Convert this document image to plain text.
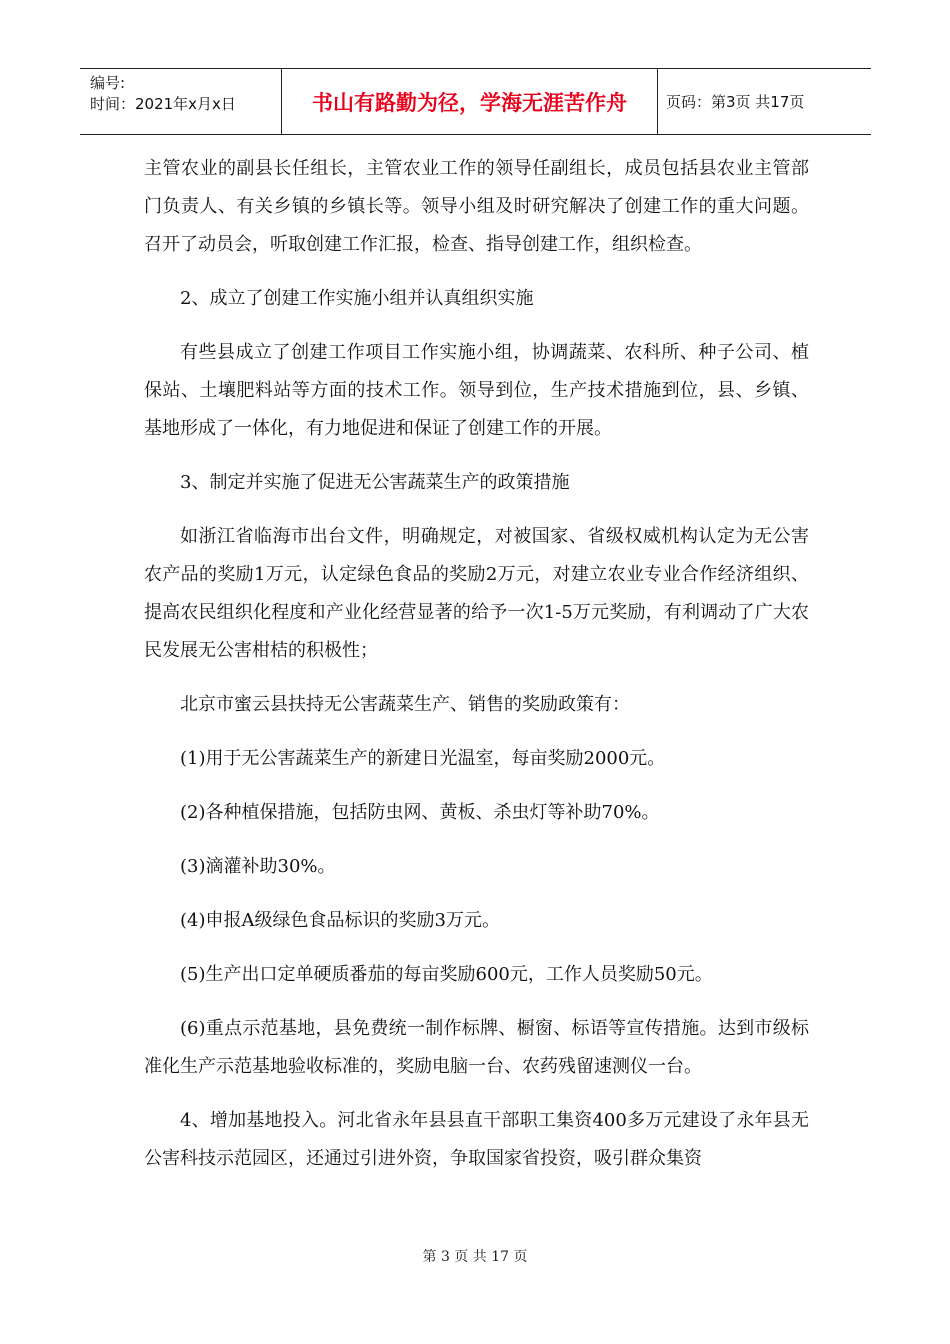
编号:
时间：2021年x月x日	书山有路勤为径，学海无涯苦作舟	页码：第3页 共17页

主管农业的副县长任组长，主管农业工作的领导任副组长，成员包括县农业主管部门负责人、有关乡镇的乡镇长等。领导小组及时研究解决了创建工作的重大问题。召开了动员会，听取创建工作汇报，检查、指导创建工作，组织检查。

2、成立了创建工作实施小组并认真组织实施

有些县成立了创建工作项目工作实施小组，协调蔬菜、农科所、种子公司、植保站、土壤肥料站等方面的技术工作。领导到位，生产技术措施到位，县、乡镇、基地形成了一体化，有力地促进和保证了创建工作的开展。

3、制定并实施了促进无公害蔬菜生产的政策措施

如浙江省临海市出台文件，明确规定，对被国家、省级权威机构认定为无公害农产品的奖励1万元，认定绿色食品的奖励2万元，对建立农业专业合作经济组织、提高农民组织化程度和产业化经营显著的给予一次1-5万元奖励，有利调动了广大农民发展无公害柑桔的积极性；

北京市蜜云县扶持无公害蔬菜生产、销售的奖励政策有：

(1)用于无公害蔬菜生产的新建日光温室，每亩奖励2000元。

(2)各种植保措施，包括防虫网、黄板、杀虫灯等补助70%。

(3)滴灌补助30%。

(4)申报A级绿色食品标识的奖励3万元。

(5)生产出口定单硬质番茄的每亩奖励600元，工作人员奖励50元。

(6)重点示范基地，县免费统一制作标牌、橱窗、标语等宣传措施。达到市级标准化生产示范基地验收标准的，奖励电脑一台、农药残留速测仪一台。

4、增加基地投入。河北省永年县县直干部职工集资400多万元建设了永年县无公害科技示范园区，还通过引进外资，争取国家省投资，吸引群众集资

第 3 页 共 17 页
